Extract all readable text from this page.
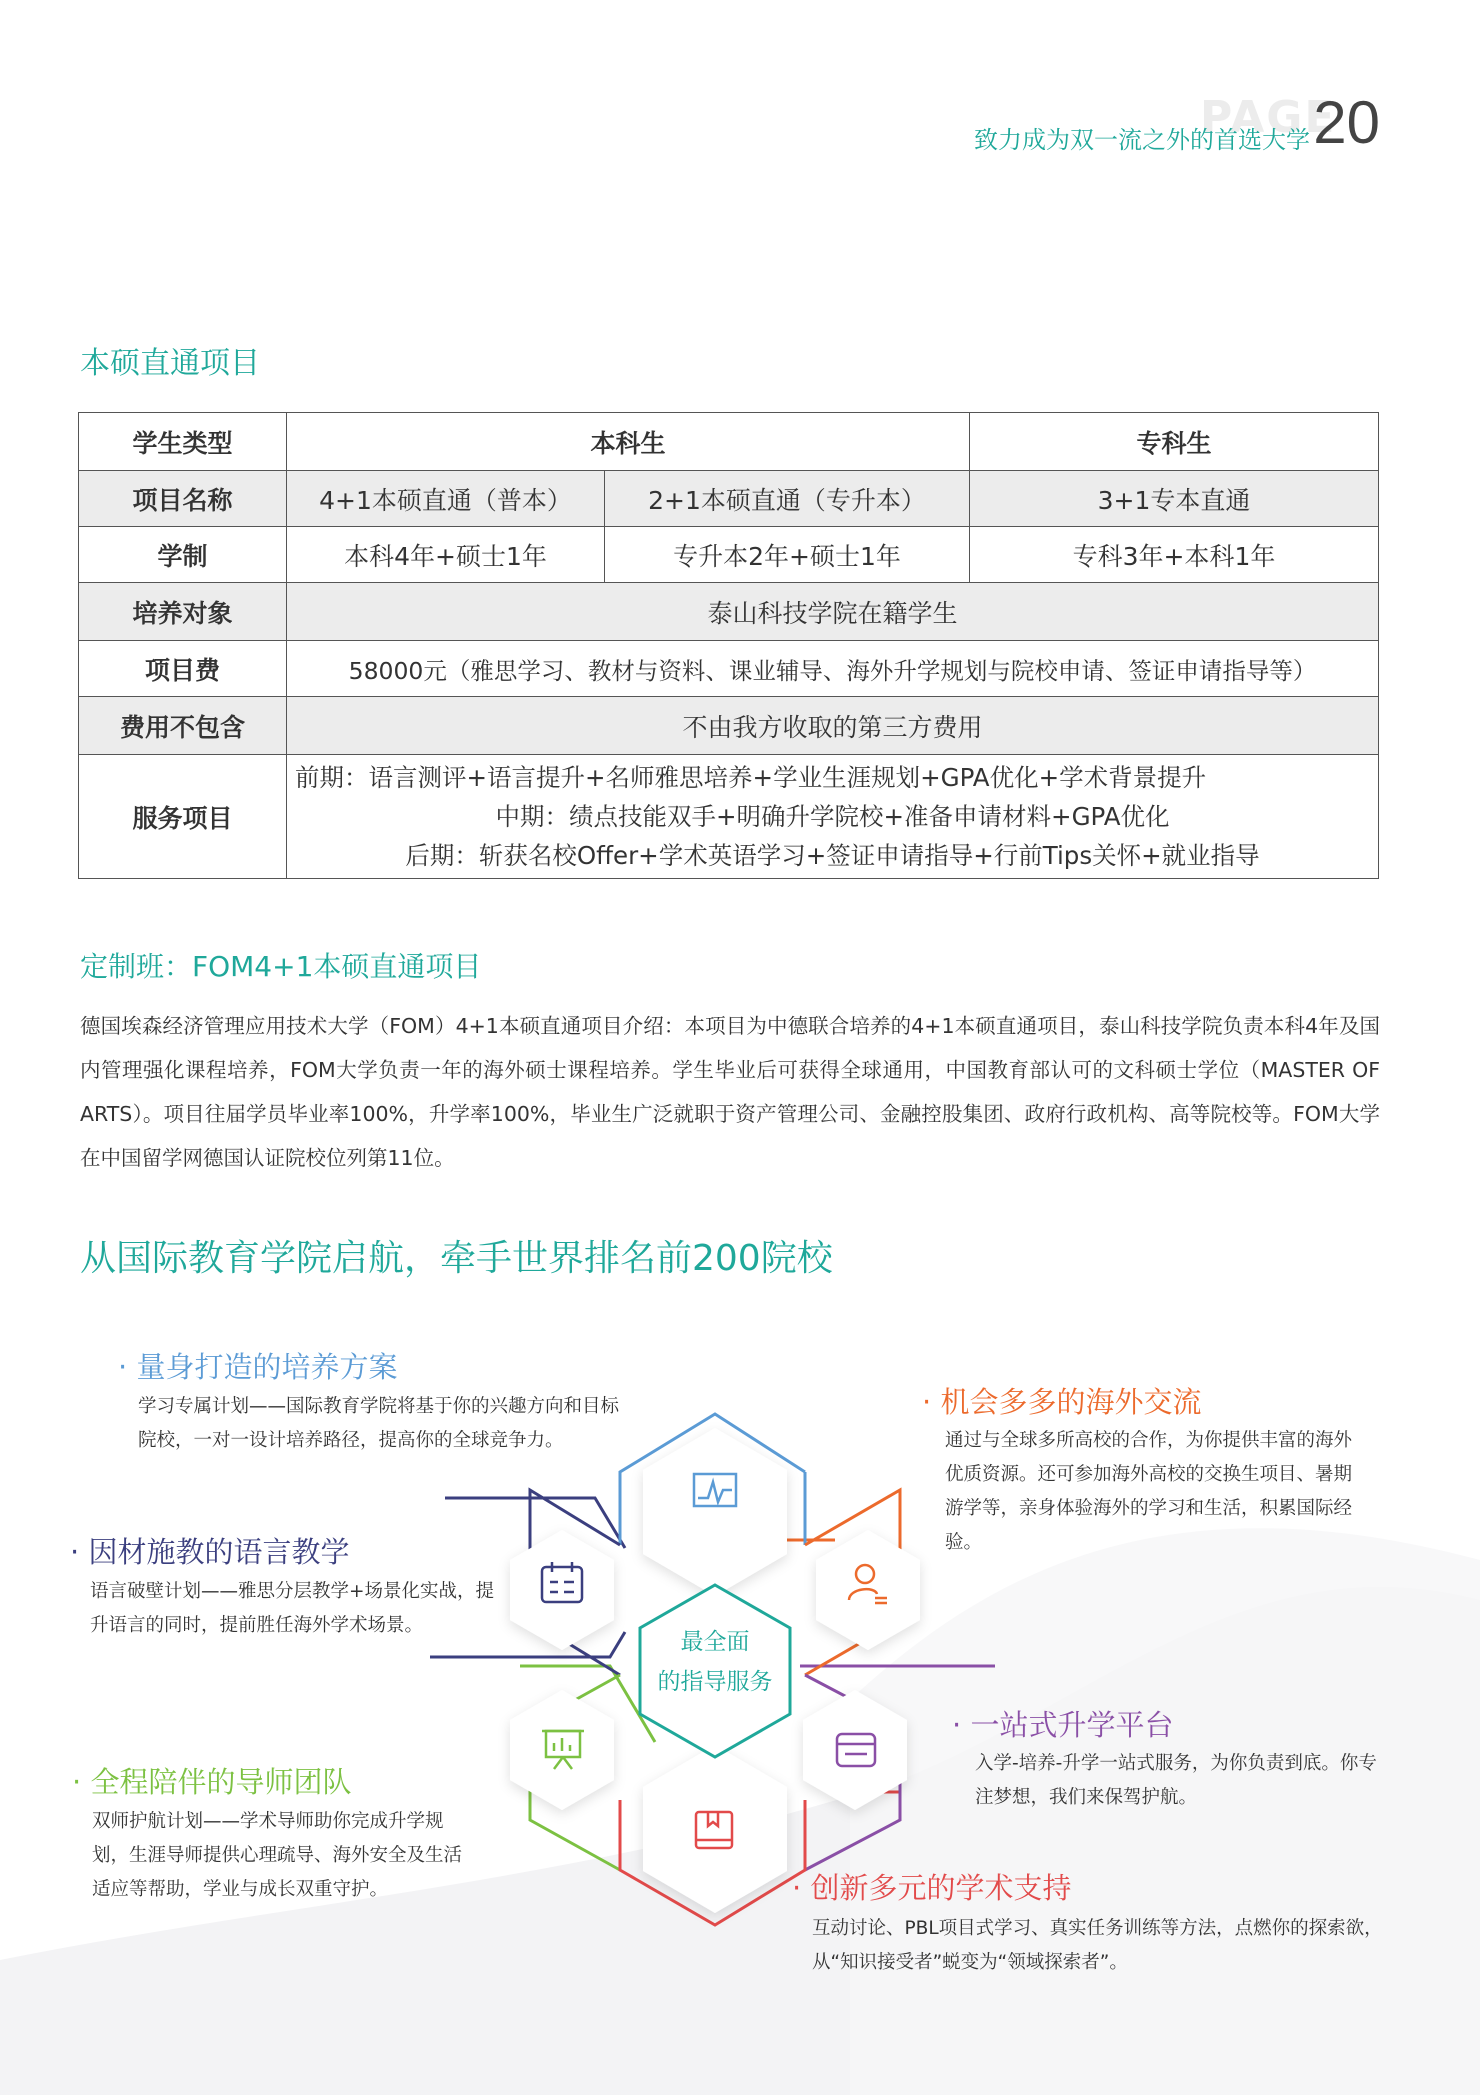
PAGE
致力成为双一流之外的首选大学 20
本硕直通项目
学生类型	本科生		专科生
项目名称	4+1本硕直通（普本）	2+1本硕直通（专升本）	3+1专本直通
学制	本科4年+硕士1年	专升本2年+硕士1年	专科3年+本科1年
培养对象	泰山科技学院在籍学生		
项目费	58000元（雅思学习、教材与资料、课业辅导、海外升学规划与院校申请、签证申请指导等）		
费用不包含	不由我方收取的第三方费用		
服务项目	前期：语言测评+语言提升+名师雅思培养+学业生涯规划+GPA优化+学术背景提升
中期：绩点技能双手+明确升学院校+准备申请材料+GPA优化
后期：斩获名校Offer+学术英语学习+签证申请指导+行前Tips关怀+就业指导		
定制班：FOM4+1本硕直通项目
德国埃森经济管理应用技术大学（FOM）4+1本硕直通项目介绍：本项目为中德联合培养的4+1本硕直通项目，泰山科技学院负责本科4年及国内管理强化课程培养，FOM大学负责一年的海外硕士课程培养。学生毕业后可获得全球通用，中国教育部认可的文科硕士学位（MASTER OF ARTS）。项目往届学员毕业率100%，升学率100%，毕业生广泛就职于资产管理公司、金融控股集团、政府行政机构、高等院校等。FOM大学在中国留学网德国认证院校位列第11位。
从国际教育学院启航，牵手世界排名前200院校
最全面
的指导服务
· 量身打造的培养方案
学习专属计划——国际教育学院将基于你的兴趣方向和目标院校，一对一设计培养路径，提高你的全球竞争力。
· 机会多多的海外交流
通过与全球多所高校的合作，为你提供丰富的海外优质资源。还可参加海外高校的交换生项目、暑期游学等，亲身体验海外的学习和生活，积累国际经验。
· 因材施教的语言教学
语言破壁计划——雅思分层教学+场景化实战，提升语言的同时，提前胜任海外学术场景。
· 一站式升学平台
入学-培养-升学一站式服务，为你负责到底。你专注梦想，我们来保驾护航。
· 全程陪伴的导师团队
双师护航计划——学术导师助你完成升学规划，生涯导师提供心理疏导、海外安全及生活适应等帮助，学业与成长双重守护。	· 创新多元的学术支持
互动讨论、PBL项目式学习、真实任务训练等方法，点燃你的探索欲，从“知识接受者”蜕变为“领域探索者”。
